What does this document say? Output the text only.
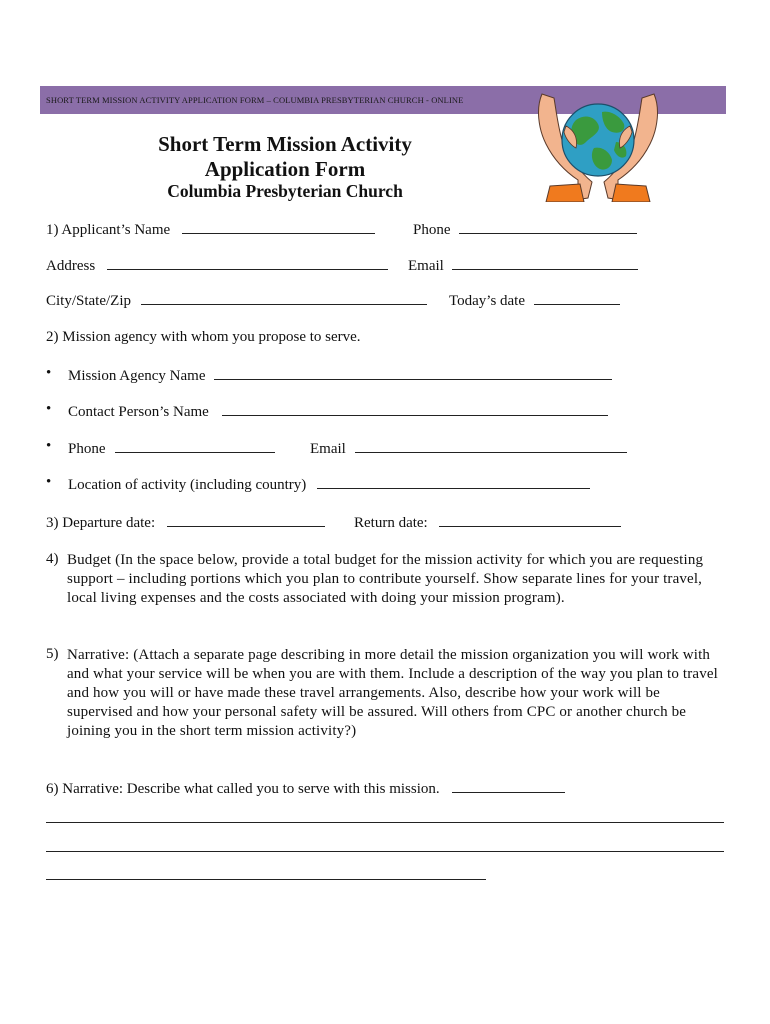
SHORT TERM MISSION ACTIVITY APPLICATION FORM – COLUMBIA PRESBYTERIAN CHURCH - ONLINE
Short Term Mission Activity
Application Form
Columbia Presbyterian Church
1) Applicant’s Name	Phone
Address	Email
City/State/Zip	Today’s date
2) Mission agency with whom you propose to serve.
• Mission Agency Name
• Contact Person’s Name
• Phone	Email
• Location of activity (including country)
3) Departure date:	Return date:
4) Budget (In the space below, provide a total budget for the mission activity for which you are requesting support – including portions which you plan to contribute yourself. Show separate lines for your travel, local living expenses and the costs associated with doing your mission program).
5) Narrative: (Attach a separate page describing in more detail the mission organization you will work with and what your service will be when you are with them. Include a description of the way you plan to travel and how you will or have made these travel arrangements. Also, describe how your work will be supervised and how your personal safety will be assured. Will others from CPC or another church be joining you in the short term mission activity?)
6) Narrative: Describe what called you to serve with this mission.
